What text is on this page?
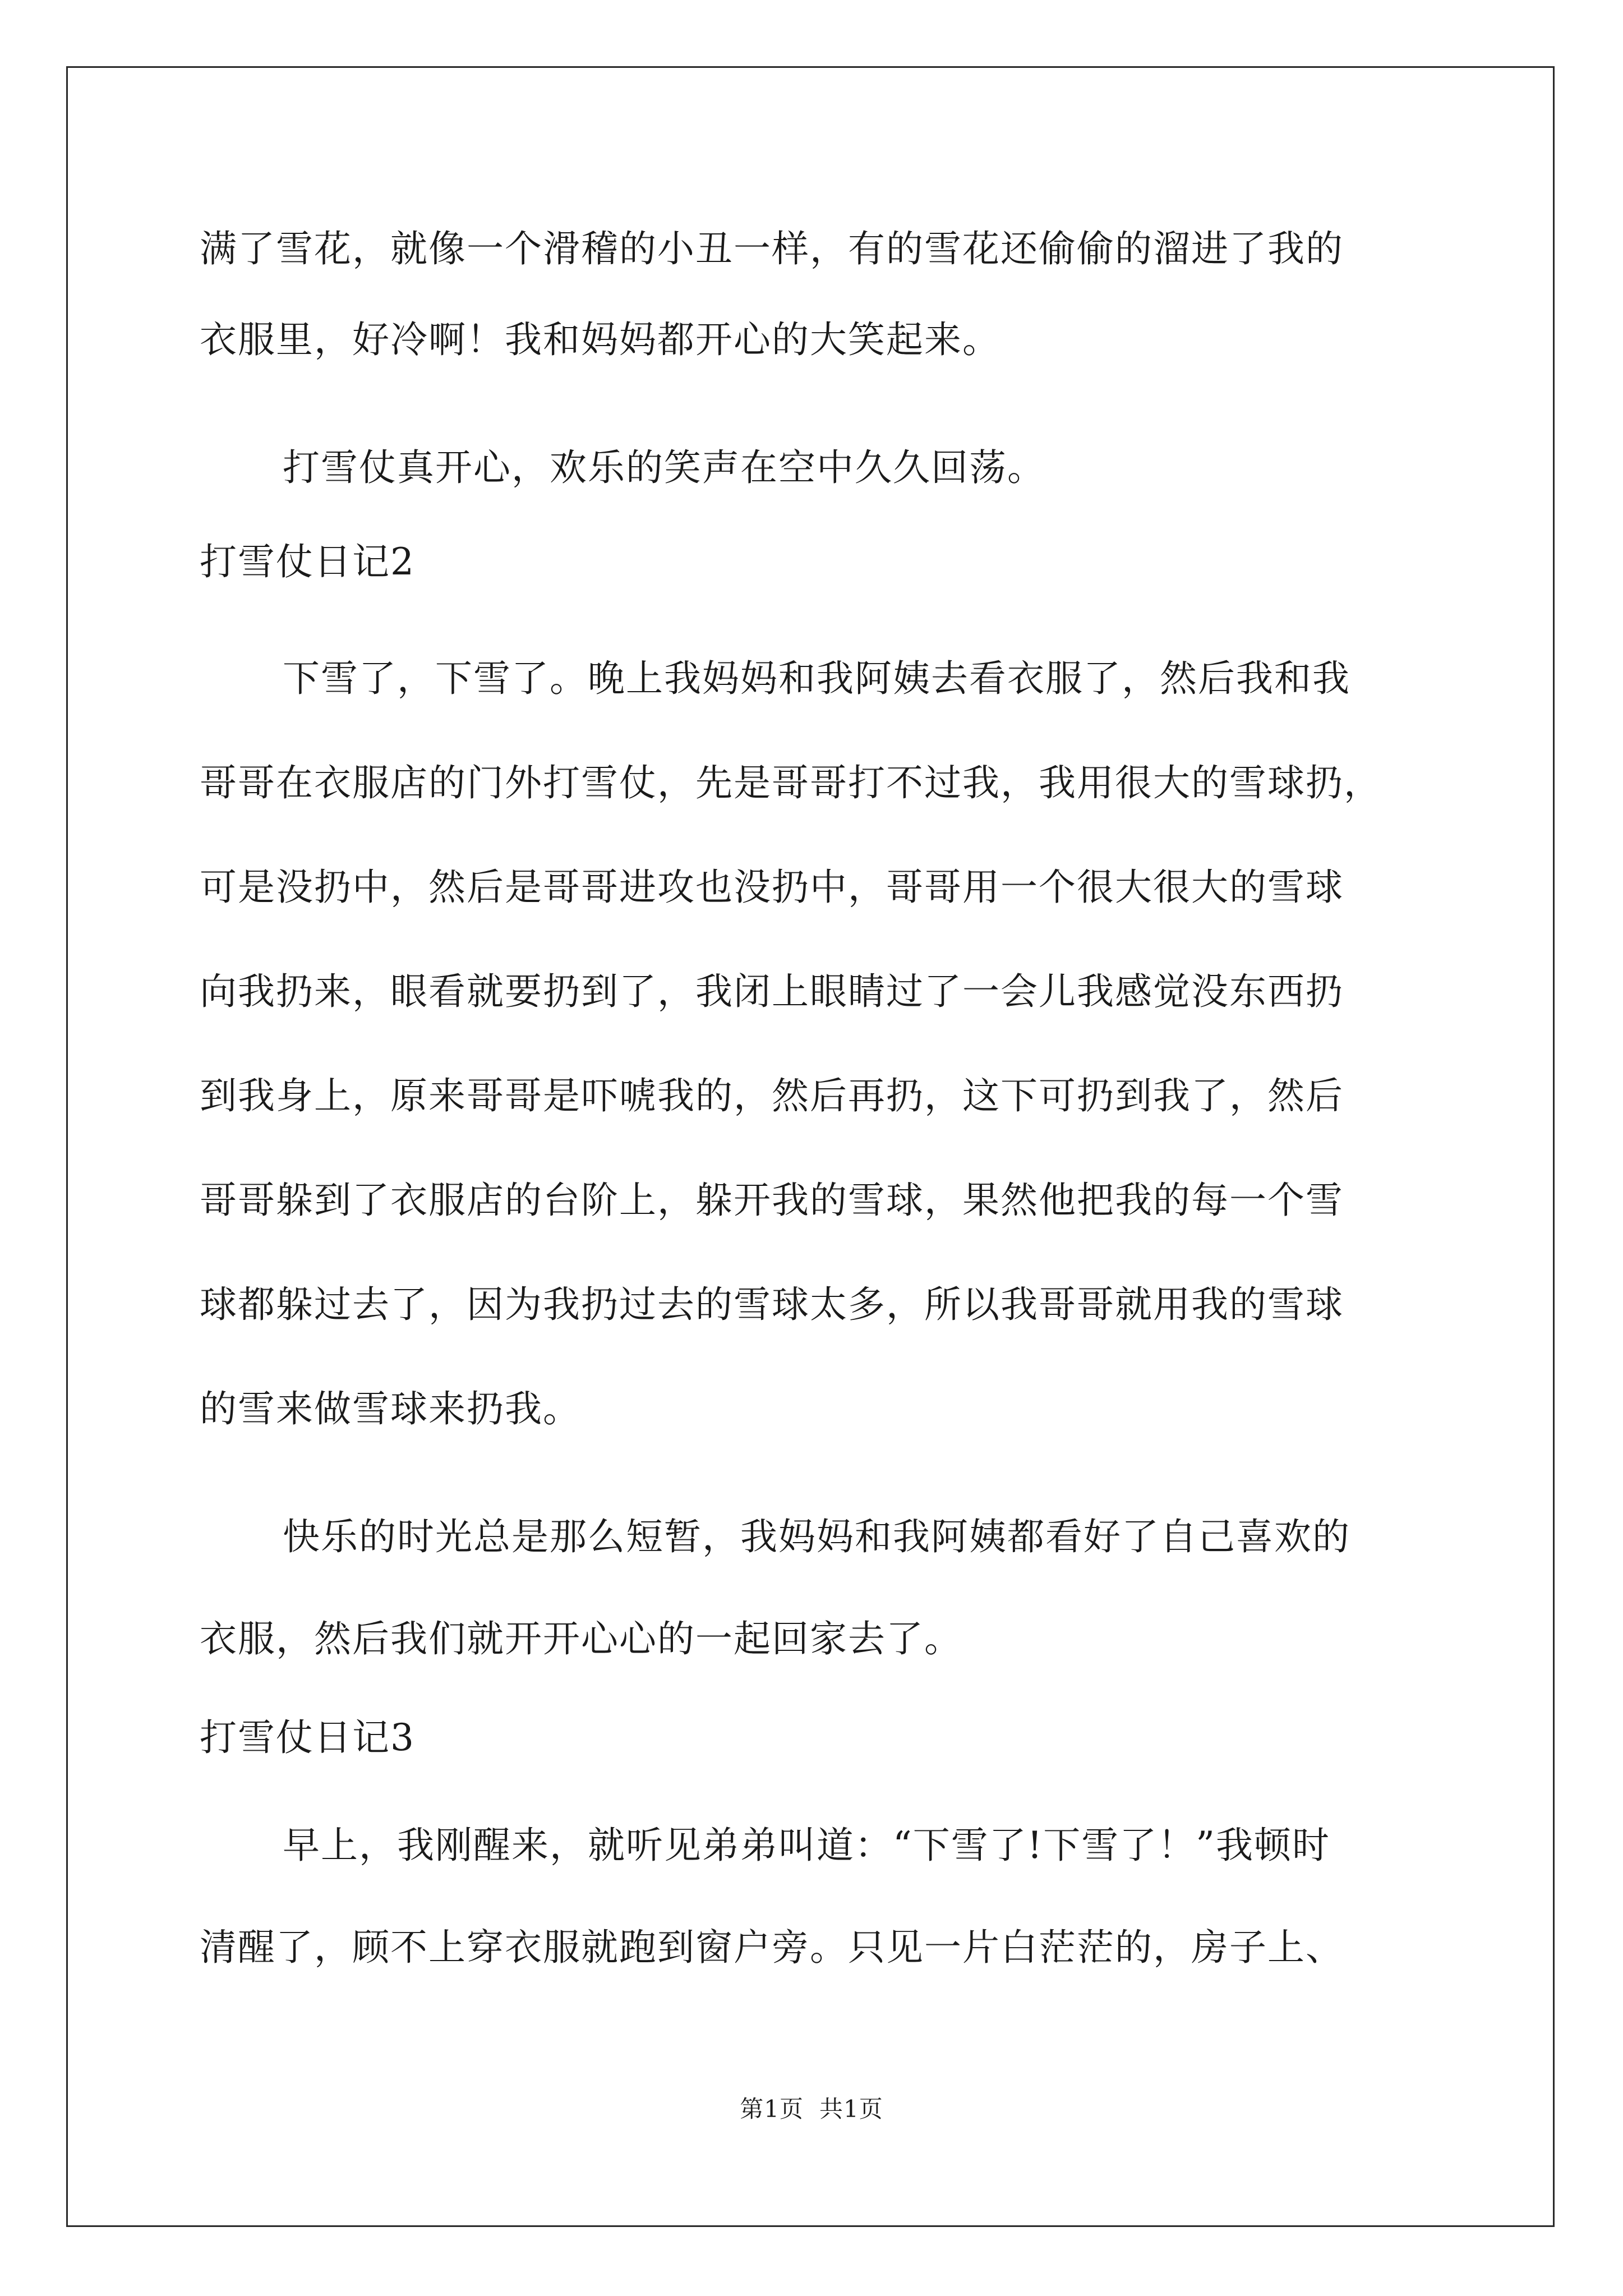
满了雪花，就像一个滑稽的小丑一样，有的雪花还偷偷的溜进了我的
衣服里，好冷啊！我和妈妈都开心的大笑起来。
打雪仗真开心，欢乐的笑声在空中久久回荡。
打雪仗日记2
下雪了，下雪了。晚上我妈妈和我阿姨去看衣服了，然后我和我
哥哥在衣服店的门外打雪仗，先是哥哥打不过我，我用很大的雪球扔，
可是没扔中，然后是哥哥进攻也没扔中，哥哥用一个很大很大的雪球
向我扔来，眼看就要扔到了，我闭上眼睛过了一会儿我感觉没东西扔
到我身上，原来哥哥是吓唬我的，然后再扔，这下可扔到我了，然后
哥哥躲到了衣服店的台阶上，躲开我的雪球，果然他把我的每一个雪
球都躲过去了，因为我扔过去的雪球太多，所以我哥哥就用我的雪球
的雪来做雪球来扔我。
快乐的时光总是那么短暂，我妈妈和我阿姨都看好了自己喜欢的
衣服，然后我们就开开心心的一起回家去了。
打雪仗日记3
早上，我刚醒来，就听见弟弟叫道：“下雪了!下雪了！”我顿时
清醒了，顾不上穿衣服就跑到窗户旁。只见一片白茫茫的，房子上、
第1页 共1页
